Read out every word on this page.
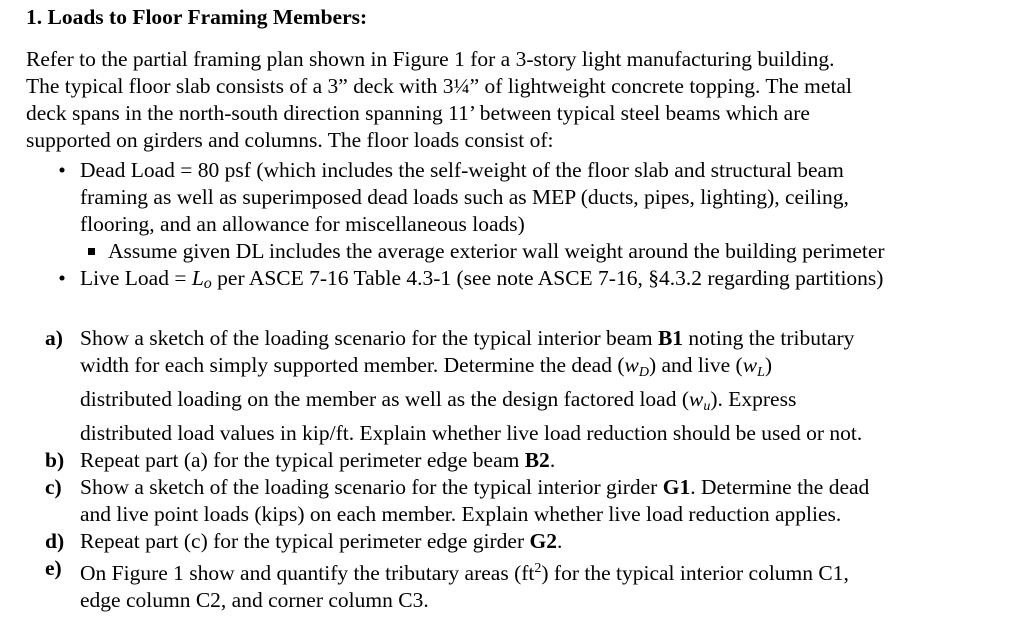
1. Loads to Floor Framing Members:
Refer to the partial framing plan shown in Figure 1 for a 3-story light manufacturing building.
The typical floor slab consists of a 3” deck with 3¼” of lightweight concrete topping. The metal
deck spans in the north-south direction spanning 11’ between typical steel beams which are
supported on girders and columns. The floor loads consist of:
• Dead Load = 80 psf (which includes the self-weight of the floor slab and structural beam
framing as well as superimposed dead loads such as MEP (ducts, pipes, lighting), ceiling,
flooring, and an allowance for miscellaneous loads)
Assume given DL includes the average exterior wall weight around the building perimeter
• Live Load = Lo per ASCE 7-16 Table 4.3-1 (see note ASCE 7-16, §4.3.2 regarding partitions)
a) Show a sketch of the loading scenario for the typical interior beam B1 noting the tributary
width for each simply supported member. Determine the dead $(w_D)$ and live $(w_L)$
distributed loading on the member as well as the design factored load $(w_u)$. Express
distributed load values in kip/ft. Explain whether live load reduction should be used or not.
b) Repeat part (a) for the typical perimeter edge beam B2.
c) Show a sketch of the loading scenario for the typical interior girder G1. Determine the dead
and live point loads (kips) on each member. Explain whether live load reduction applies.
d) Repeat part (c) for the typical perimeter edge girder G2.
e) On Figure 1 show and quantify the tributary areas $(ft^2)$ for the typical interior column C1,
edge column C2, and corner column C3.
